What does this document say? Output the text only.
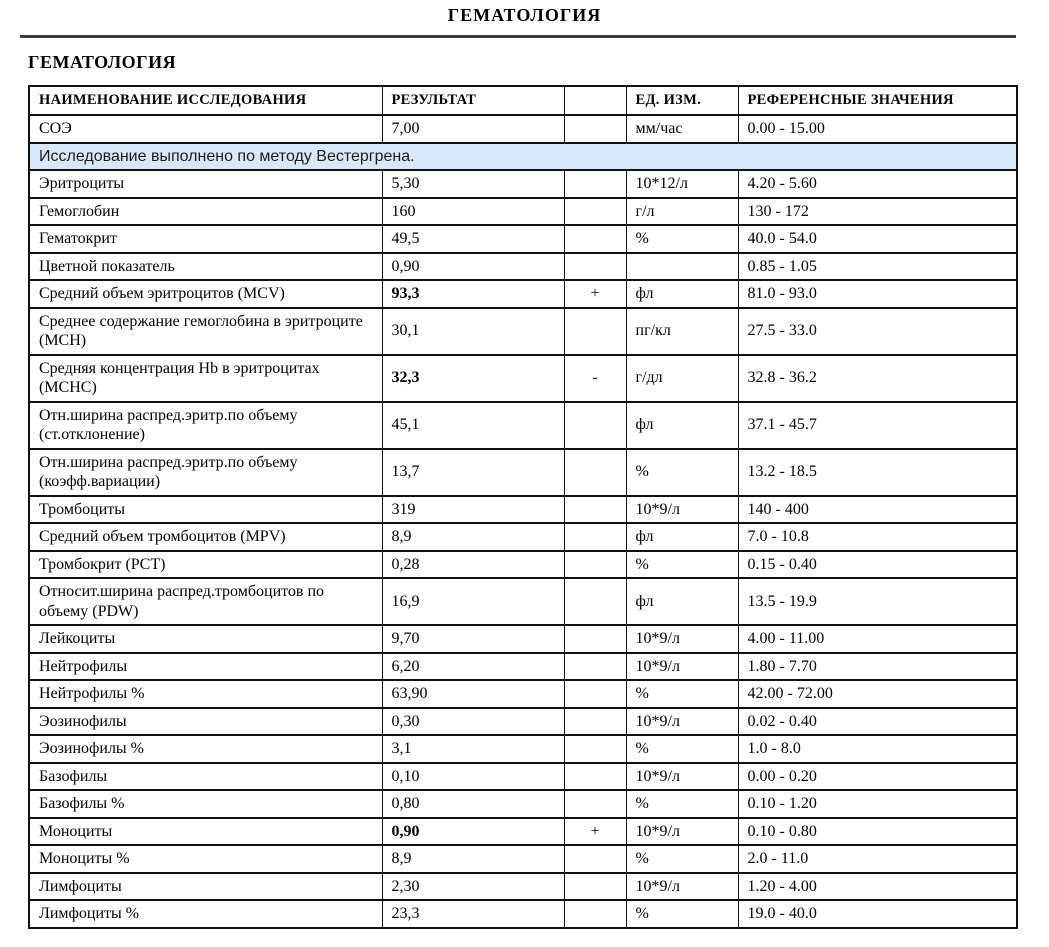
ГЕМАТОЛОГИЯ
ГЕМАТОЛОГИЯ
НАИМЕНОВАНИЕ ИССЛЕДОВАНИЯ	РЕЗУЛЬТАТ		ЕД. ИЗМ.	РЕФЕРЕНСНЫЕ ЗНАЧЕНИЯ
СОЭ	7,00		мм/час	0.00 - 15.00
Исследование выполнено по методу Вестергрена.				
Эритроциты	5,30		10*12/л	4.20 - 5.60
Гемоглобин	160		г/л	130 - 172
Гематокрит	49,5		%	40.0 - 54.0
Цветной показатель	0,90			0.85 - 1.05
Средний объем эритроцитов (MCV)	93,3	+	фл	81.0 - 93.0
Среднее содержание гемоглобина в эритроците (MCH)	30,1		пг/кл	27.5 - 33.0
Средняя концентрация Hb в эритроцитах (MCHC)	32,3	-	г/дл	32.8 - 36.2
Отн.ширина распред.эритр.по объему (ст.отклонение)	45,1		фл	37.1 - 45.7
Отн.ширина распред.эритр.по объему (коэфф.вариации)	13,7		%	13.2 - 18.5
Тромбоциты	319		10*9/л	140 - 400
Средний объем тромбоцитов (MPV)	8,9		фл	7.0 - 10.8
Тромбокрит (PCT)	0,28		%	0.15 - 0.40
Относит.ширина распред.тромбоцитов по объему (PDW)	16,9		фл	13.5 - 19.9
Лейкоциты	9,70		10*9/л	4.00 - 11.00
Нейтрофилы	6,20		10*9/л	1.80 - 7.70
Нейтрофилы %	63,90		%	42.00 - 72.00
Эозинофилы	0,30		10*9/л	0.02 - 0.40
Эозинофилы %	3,1		%	1.0 - 8.0
Базофилы	0,10		10*9/л	0.00 - 0.20
Базофилы %	0,80		%	0.10 - 1.20
Моноциты	0,90	+	10*9/л	0.10 - 0.80
Моноциты %	8,9		%	2.0 - 11.0
Лимфоциты	2,30		10*9/л	1.20 - 4.00
Лимфоциты %	23,3		%	19.0 - 40.0
